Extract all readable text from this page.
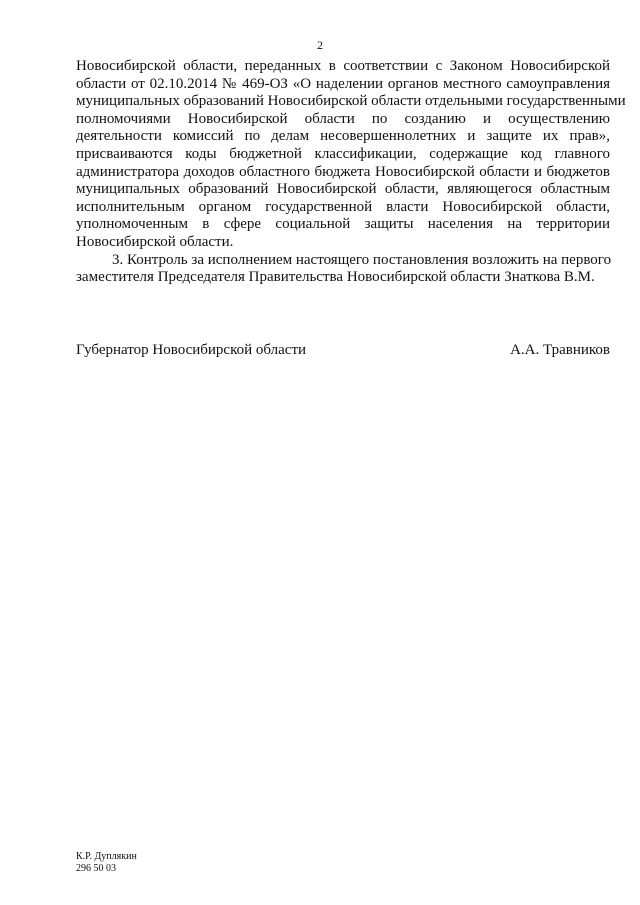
2
Новосибирской области, переданных в соответствии с Законом Новосибирской
области от 02.10.2014 № 469-ОЗ «О наделении органов местного самоуправления
муниципальных образований Новосибирской области отдельными государственными
полномочиями Новосибирской области по созданию и осуществлению
деятельности комиссий по делам несовершеннолетних и защите их прав»,
присваиваются коды бюджетной классификации, содержащие код главного
администратора доходов областного бюджета Новосибирской области и бюджетов
муниципальных образований Новосибирской области, являющегося областным
исполнительным органом государственной власти Новосибирской области,
уполномоченным в сфере социальной защиты населения на территории
Новосибирской области.
3. Контроль за исполнением настоящего постановления возложить на первого
заместителя Председателя Правительства Новосибирской области Знаткова В.М.
Губернатор Новосибирской области	А.А. Травников
К.Р. Дуплякин
296 50 03
